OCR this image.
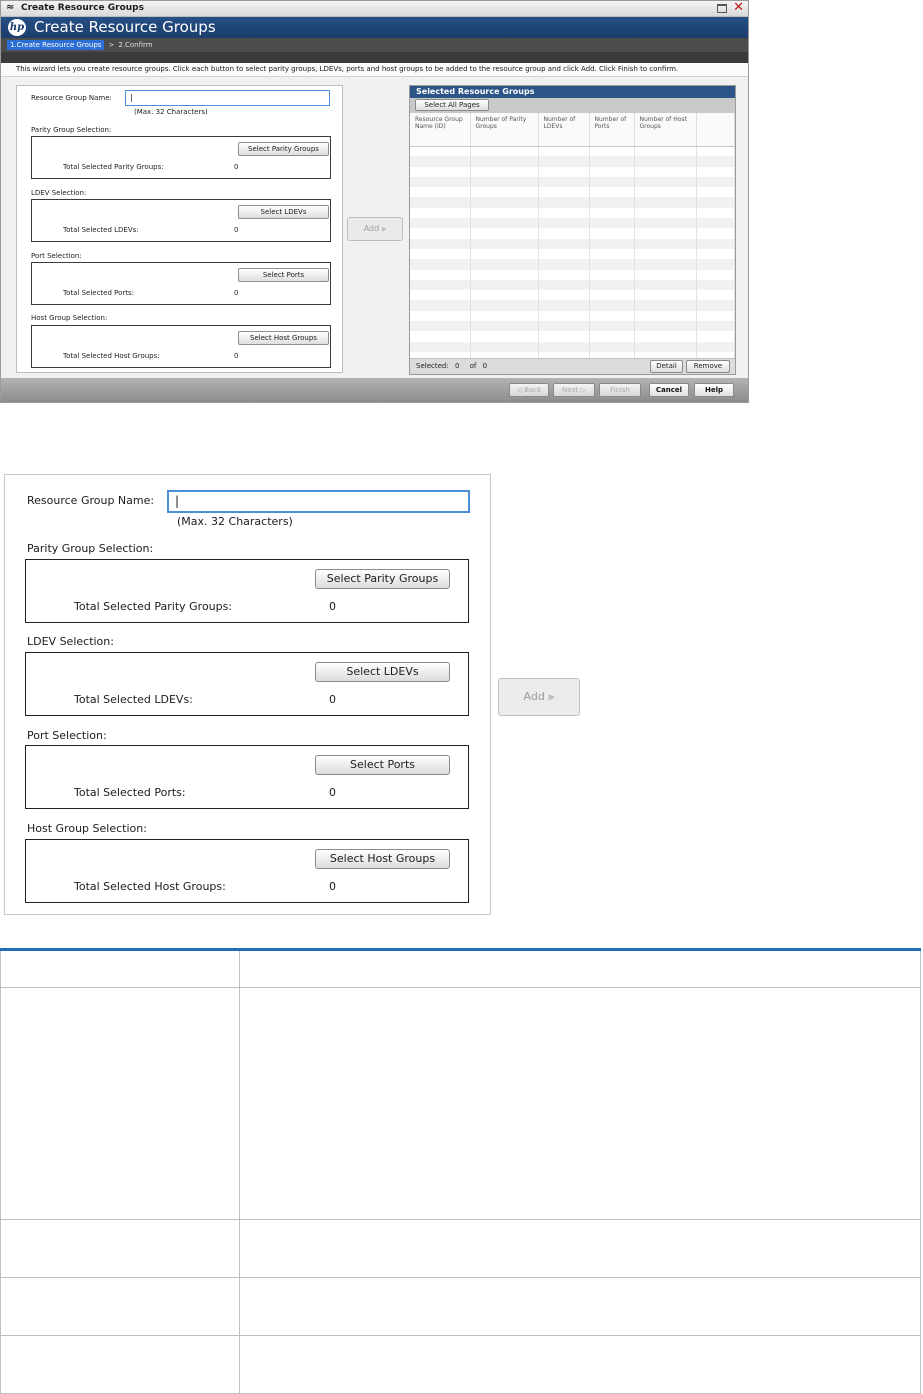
≈ Create Resource Groups	✕
hp Create Resource Groups
1.Create Resource Groups > 2.Confirm
This wizard lets you create resource groups. Click each button to select parity groups, LDEVs, ports and host groups to be added to the resource group and click Add. Click Finish to confirm.
Resource Group Name:	|
(Max. 32 Characters)
Parity Group Selection:
Select Parity Groups
Total Selected Parity Groups:	0
LDEV Selection:
Select LDEVs
Total Selected LDEVs:	0
Port Selection:
Select Ports
Total Selected Ports:	0
Host Group Selection:
Select Host Groups
Total Selected Host Groups:	0
Add ⫸
Selected Resource Groups
Select All Pages
Resource Group Name (ID)	Number of Parity Groups	Number of LDEVs	Number of Ports	Number of Host Groups	

Selected: 0 of 0	Detail	Remove
◁ Back	Next ▷	Finish	Cancel	Help
Resource Group Name:	|
(Max. 32 Characters)
Parity Group Selection:
Select Parity Groups
Total Selected Parity Groups:	0
LDEV Selection:
Select LDEVs
Total Selected LDEVs:	0
Port Selection:
Select Ports
Total Selected Ports:	0
Host Group Selection:
Select Host Groups
Total Selected Host Groups:	0
Add ⫸
